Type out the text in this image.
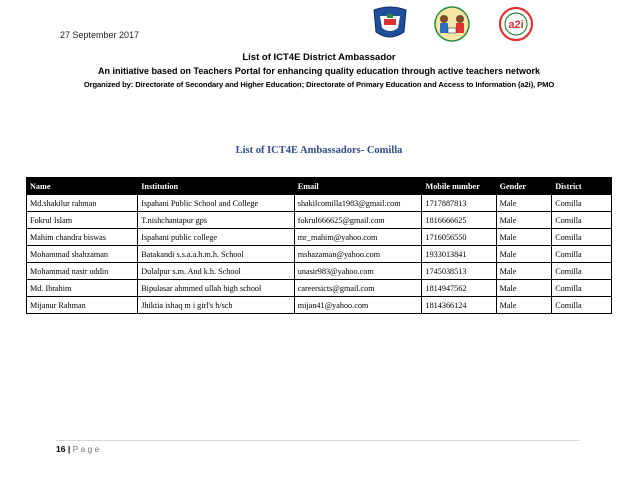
27 September 2017
a2i
List of ICT4E District Ambassador
An initiative based on Teachers Portal for enhancing quality education through active teachers network
Organized by: Directorate of Secondary and Higher Education; Directorate of Primary Education and Access to Information (a2i), PMO
List of ICT4E Ambassadors- Comilla
Name	Institution	Email	Mobile number	Gender	District
Md.shakilur rahman	Ispahani Public School and College	shakilcomilla1983@gmail.com	1717887813	Male	Comilla
Fokrul Islam	T.nishchantapur gps	fokrul666625@gmail.com	1816666625	Male	Comilla
Mahim chandra biswas	Ispahani public college	mr_mahim@yahoo.com	1716056550	Male	Comilla
Mohammad shahzaman	Batakandi s.s.a.a.h.m.h. School	mshazaman@yahoo.com	1933013841	Male	Comilla
Mohammad nasir uddin	Dulalpur s.m. And k.h. School	unasir983@yahoo.com	1745038513	Male	Comilla
Md. Ibrahim	Bipulasar ahmmed ullah high school	careersicts@gmail.com	1814947562	Male	Comilla
Mijanur Rahman	Jhiktia ishaq m i girl's h/sch	mijan41@yahoo.com	1814366124	Male	Comilla
16 | P a g e
